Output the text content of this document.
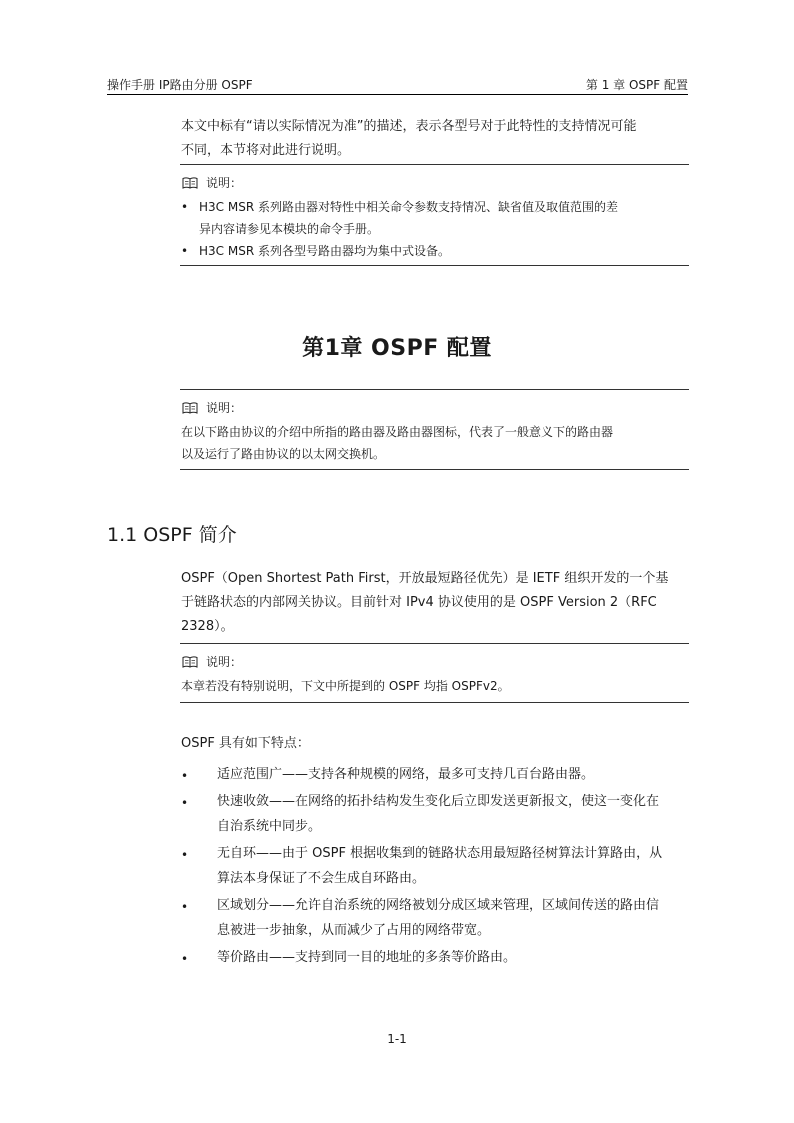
操作手册 IP路由分册 OSPF	第 1 章 OSPF 配置
本文中标有“请以实际情况为准”的描述，表示各型号对于此特性的支持情况可能
不同，本节将对此进行说明。
说明：
• H3C MSR 系列路由器对特性中相关命令参数支持情况、缺省值及取值范围的差
异内容请参见本模块的命令手册。
• H3C MSR 系列各型号路由器均为集中式设备。
第1章 OSPF 配置
说明：
在以下路由协议的介绍中所指的路由器及路由器图标，代表了一般意义下的路由器
以及运行了路由协议的以太网交换机。
1.1 OSPF 简介
OSPF（Open Shortest Path First，开放最短路径优先）是 IETF 组织开发的一个基
于链路状态的内部网关协议。目前针对 IPv4 协议使用的是 OSPF Version 2（RFC
2328）。
说明：
本章若没有特别说明，下文中所提到的 OSPF 均指 OSPFv2。
OSPF 具有如下特点：
• 适应范围广——支持各种规模的网络，最多可支持几百台路由器。
• 快速收敛——在网络的拓扑结构发生变化后立即发送更新报文，使这一变化在
自治系统中同步。
• 无自环——由于 OSPF 根据收集到的链路状态用最短路径树算法计算路由，从
算法本身保证了不会生成自环路由。
• 区域划分——允许自治系统的网络被划分成区域来管理，区域间传送的路由信
息被进一步抽象，从而减少了占用的网络带宽。
• 等价路由——支持到同一目的地址的多条等价路由。
1-1
